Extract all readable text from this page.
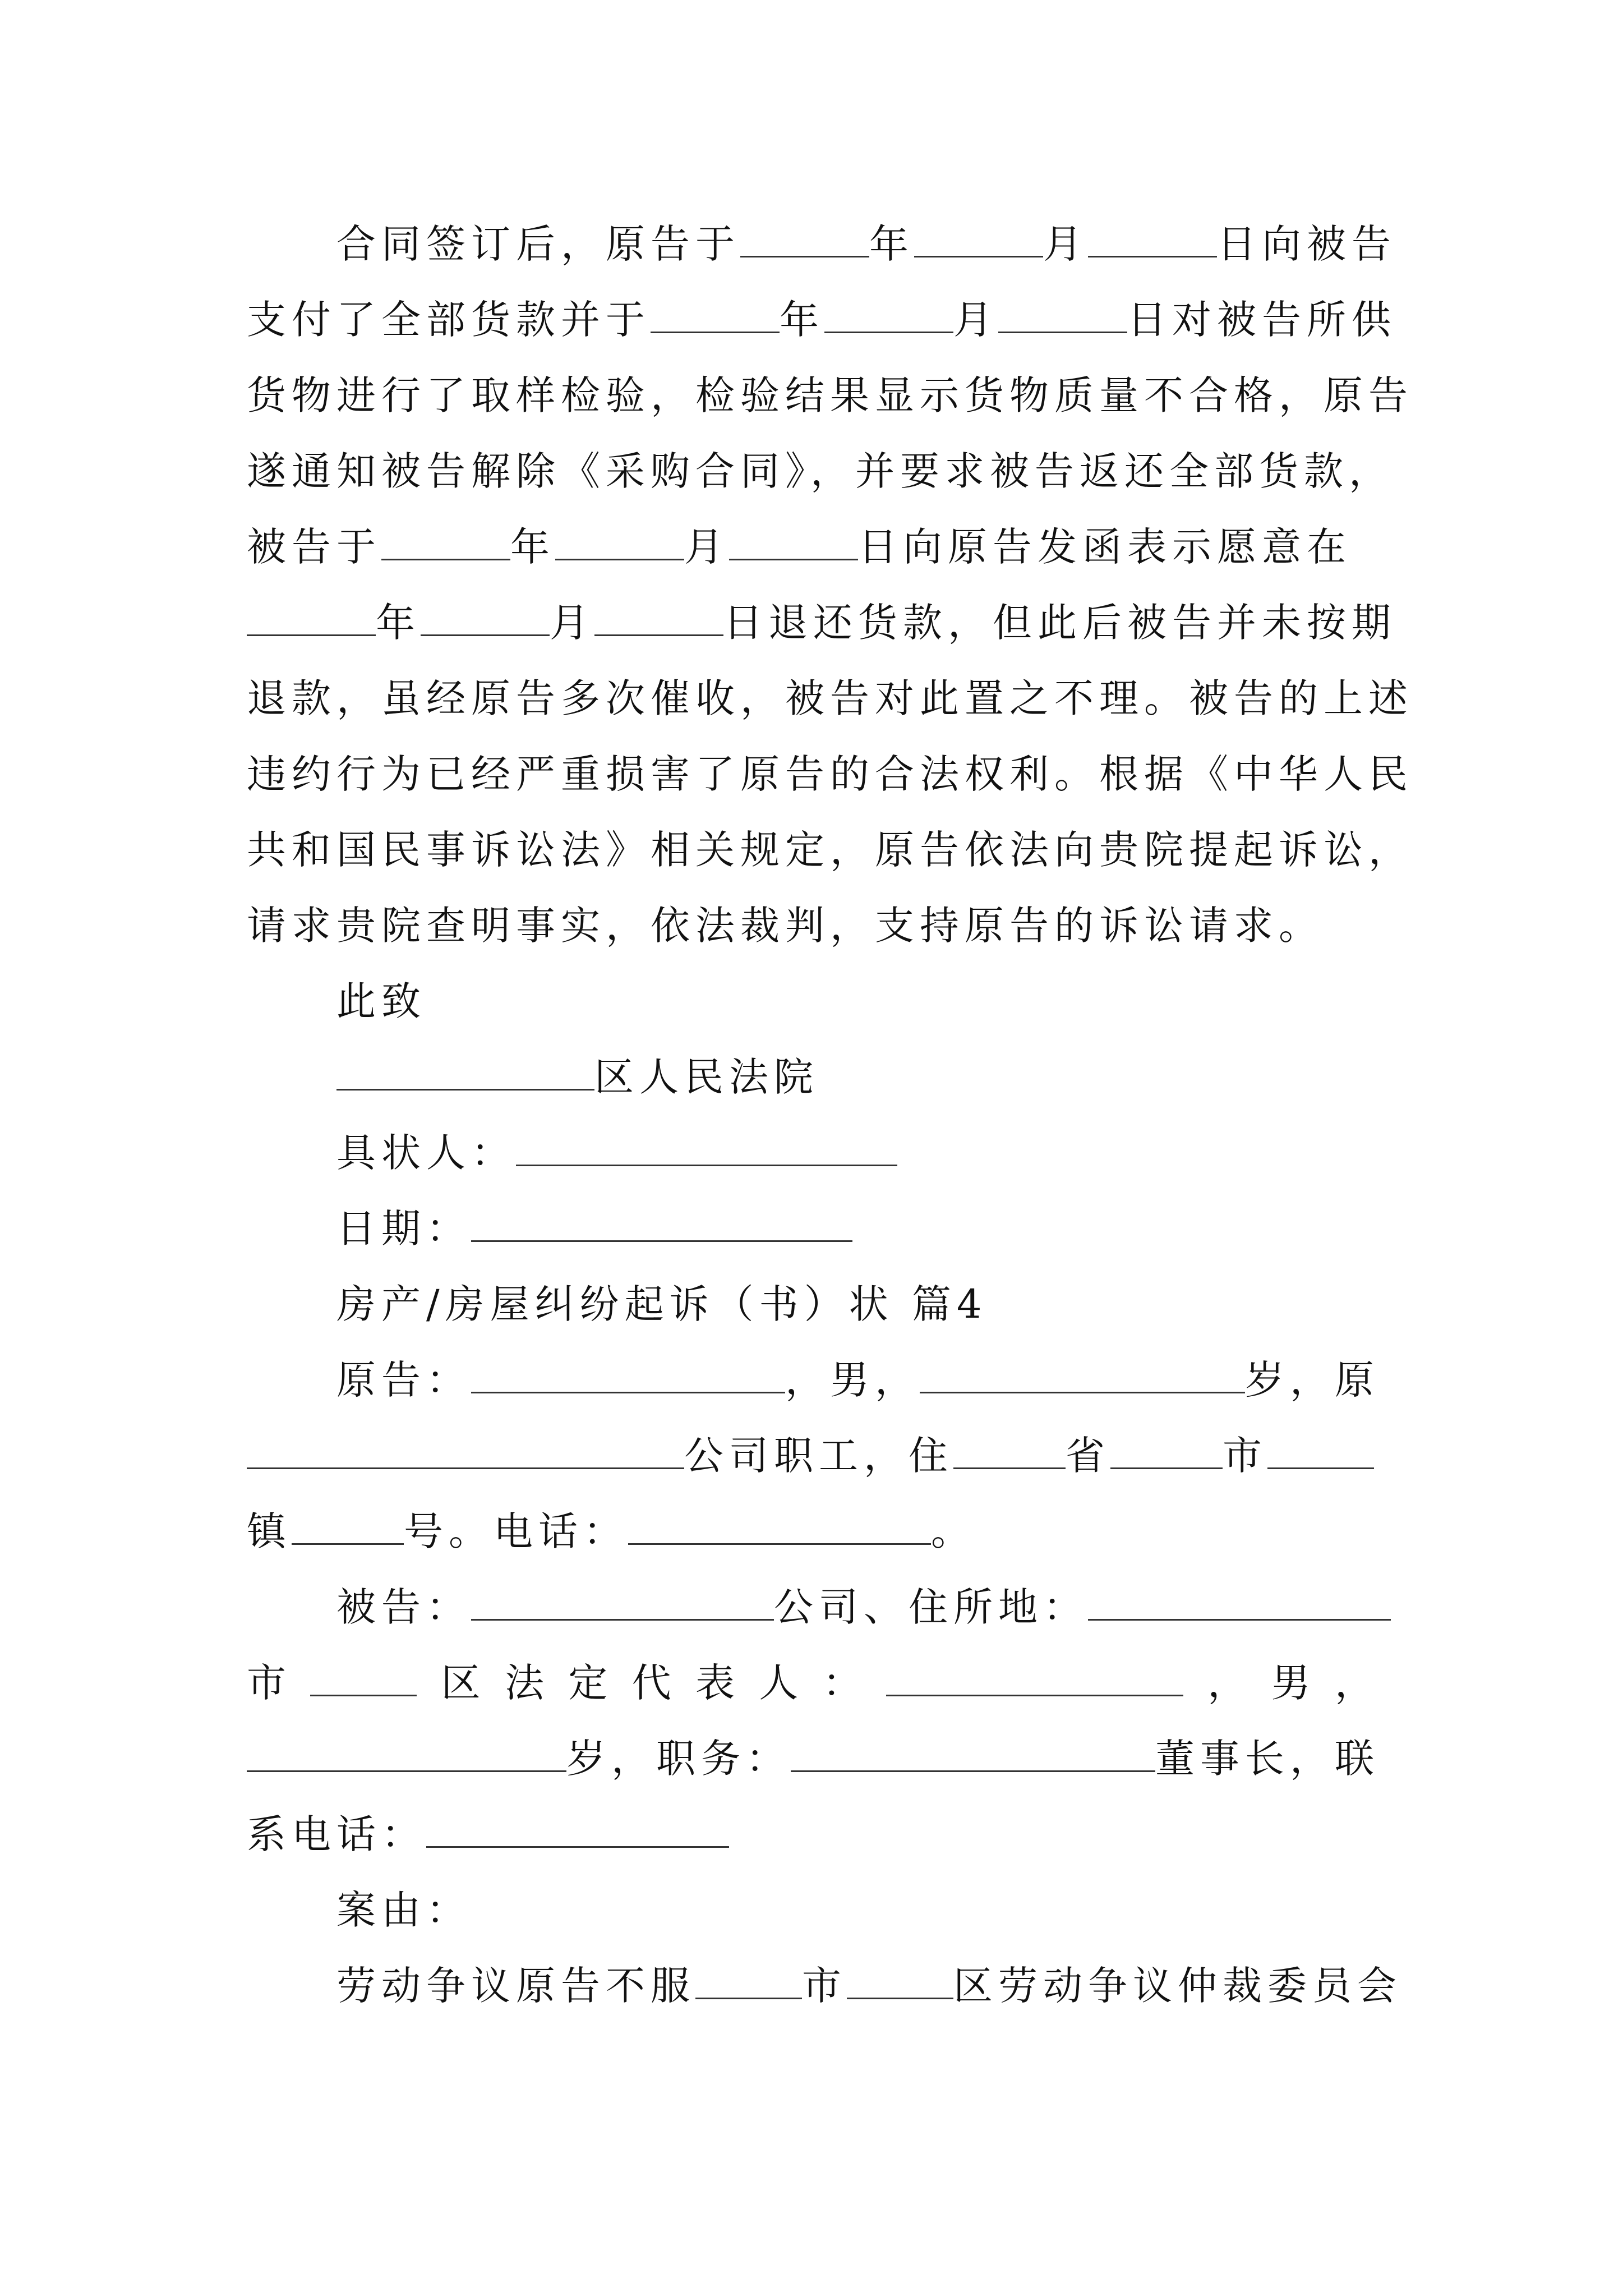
合同签订后，原告于	年	月	日向被告
支付了全部货款并于	年	月	日对被告所供
货物进行了取样检验，检验结果显示货物质量不合格，原告
遂通知被告解除《采购合同》，并要求被告返还全部货款，
被告于	年	月	日向原告发函表示愿意在
年	月	日退还货款，但此后被告并未按期
退款，虽经原告多次催收，被告对此置之不理。被告的上述
违约行为已经严重损害了原告的合法权利。根据《中华人民
共和国民事诉讼法》相关规定，原告依法向贵院提起诉讼，
请求贵院查明事实，依法裁判，支持原告的诉讼请求。
此致
区人民法院
具状人：
日期：
房产/房屋纠纷起诉（书）状 篇4
原告：	，男，	岁，原
公司职工，住	省	市
镇	号。电话：	。
被告：	公司、住所地：
市	区 法 定 代 表 人 ：	， 男 ，
岁，职务：	董事长，联
系电话：
案由：
劳动争议原告不服	市	区劳动争议仲裁委员会
